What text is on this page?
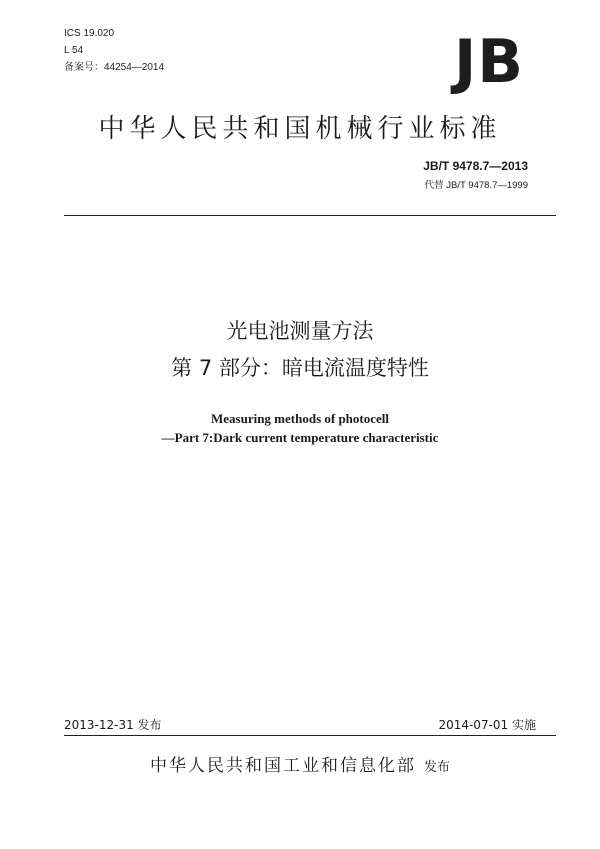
ICS 19.020
L 54
备案号：44254—2014	JB
中华人民共和国机械行业标准
JB/T 9478.7—2013
代替 JB/T 9478.7—1999
光电池测量方法
第 7 部分：暗电流温度特性
Measuring methods of photocell
—Part 7:Dark current temperature characteristic
2013-12-31 发布	2014-07-01 实施
中华人民共和国工业和信息化部 发布
